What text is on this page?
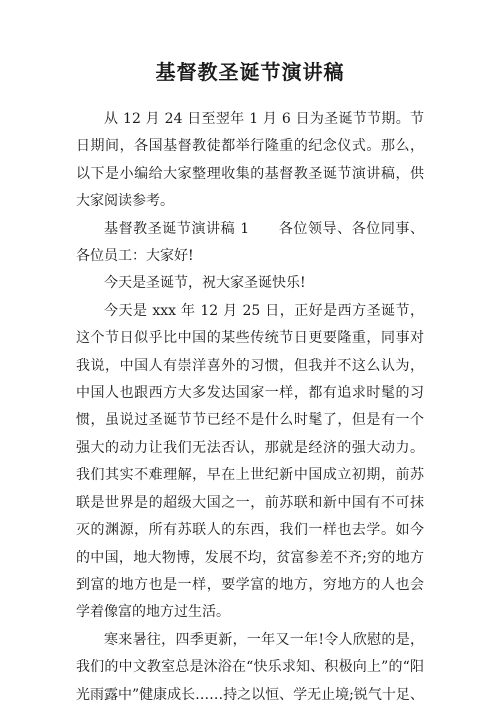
基督教圣诞节演讲稿

从 12 月 24 日至翌年 1 月 6 日为圣诞节节期。节日期间，各国基督教徒都举行隆重的纪念仪式。那么，以下是小编给大家整理收集的基督教圣诞节演讲稿，供大家阅读参考。

基督教圣诞节演讲稿 1　　各位领导、各位同事、各位员工：大家好!

今天是圣诞节，祝大家圣诞快乐!

今天是 xxx 年 12 月 25 日，正好是西方圣诞节，这个节日似乎比中国的某些传统节日更要隆重，同事对我说，中国人有崇洋喜外的习惯，但我并不这么认为，中国人也跟西方大多发达国家一样，都有追求时髦的习惯，虽说过圣诞节节已经不是什么时髦了，但是有一个强大的动力让我们无法否认，那就是经济的强大动力。我们其实不难理解，早在上世纪新中国成立初期，前苏联是世界是的超级大国之一，前苏联和新中国有不可抹灭的渊源，所有苏联人的东西，我们一样也去学。如今的中国，地大物博，发展不均，贫富参差不齐;穷的地方到富的地方也是一样，要学富的地方，穷地方的人也会学着像富的地方过生活。

寒来暑往，四季更新，一年又一年!令人欣慰的是，我们的中文教室总是沐浴在“快乐求知、积极向上”的“阳光雨露中”健康成长……持之以恒、学无止境;锐气十足、
